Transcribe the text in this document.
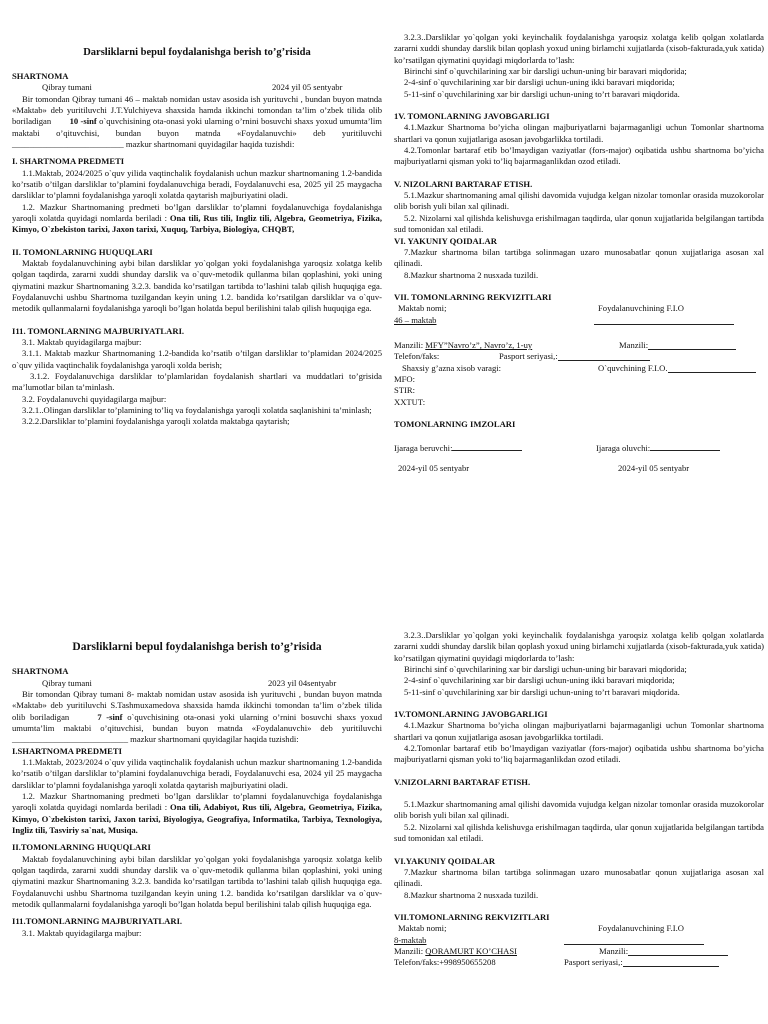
Darsliklarni bepul foydalanishga berish to’g’risida

SHARTNOMA

Qibray tumani	2024 yil 05 sentyabr

Bir tomondan Qibray tumani 46 – maktab nomidan ustav asosida ish yurituvchi , bundan buyon matnda «Maktab» deb yuritiluvchi J.T.Yulchiyeva shaxsida hamda ikkinchi tomondan ta’lim o’zbek tilida olib boriladigan 10 -sinf o`quvchisining ota-onasi yoki ularning o’rnini bosuvchi shaxs yoxud umumta’lim maktabi o’qituvchisi, bundan buyon matnda «Foydalanuvchi» deb yuritiluvchi __________________________ mazkur shartnomani quyidagilar haqida tuzishdi:

I. SHARTNOMA PREDMETI

1.1.Maktab, 2024/2025 o`quv yilida vaqtinchalik foydalanish uchun mazkur shartnomaning 1.2-bandida ko’rsatib o’tilgan darsliklar to’plamini foydalanuvchiga beradi, Foydalanuvchi esa, 2025 yil 25 maygacha darsliklar to’plamni foydalanishga yaroqli xolatda qaytarish majburiyatini oladi.

1.2. Mazkur Shartnomaning predmeti bo’lgan darsliklar to’plamni foydalanuvchiga foydalanishga yaroqli xolatda quyidagi nomlarda beriladi : Ona tili, Rus tili, Ingliz tili, Algebra, Geometriya, Fizika, Kimyo, O`zbekiston tarixi, Jaxon tarixi, Xuquq, Tarbiya, Biologiya, CHQBT,

II. TOMONLARNING HUQUQLARI

Maktab foydalanuvchining aybi bilan darsliklar yo`qolgan yoki foydalanishga yaroqsiz xolatga kelib qolgan taqdirda, zararni xuddi shunday darslik va o`quv-metodik qullanma bilan qoplashini, yoki uning qiymatini mazkur Shartnomaning 3.2.3. bandida ko’rsatilgan tartibda to’lashini talab qilish huquqiga ega. Foydalanuvchi ushbu Shartnoma tuzilgandan keyin uning 1.2. bandida ko’rsatilgan darsliklar va o`quv-metodik qullanmalarni foydalanishga yaroqli bo’lgan holatda bepul berilishini talab qilish huquqiga ega.

I11. TOMONLARNING MAJBURIYATLARI.

3.1. Maktab quyidagilarga majbur:

3.1.1. Maktab mazkur Shartnomaning 1.2-bandida ko’rsatib o’tilgan darsliklar to’plamidan 2024/2025 o`quv yilida vaqtinchalik foydalanishga yaroqli xolda berish;

3.1.2. Foydalanuvchiga darsliklar to’plamlaridan foydalanish shartlari va muddatlari to’grisida ma’lumotlar bilan ta’minlash.

3.2. Foydalanuvchi quyidagilarga majbur:

3.2.1..Olingan darsliklar to’plamining to’liq va foydalanishga yaroqli xolatda saqlanishini ta’minlash;

3.2.2.Darsliklar to’plamini foydalanishga yaroqli xolatda maktabga qaytarish;

3.2.3..Darsliklar yo`qolgan yoki keyinchalik foydalanishga yaroqsiz xolatga kelib qolgan xolatlarda zararni xuddi shunday darslik bilan qoplash yoxud uning birlamchi xujjatlarda (xisob-fakturada,yuk xatida) ko’rsatilgan qiymatini quyidagi miqdorlarda to’lash:

Birinchi sinf o`quvchilarining xar bir darsligi uchun-uning bir baravari miqdorida;

2-4-sinf o`quvchilarining xar bir darsligi uchun-uning ikki baravari miqdorida;

5-11-sinf o`quvchilarining xar bir darsligi uchun-uning to’rt baravari miqdorida.

1V. TOMONLARNING JAVOBGARLIGI

4.1.Mazkur Shartnoma bo’yicha olingan majburiyatlarni bajarmaganligi uchun Tomonlar shartnoma shartlari va qonun xujjatlariga asosan javobgarlikka tortiladi.

4.2.Tomonlar bartaraf etib bo’lmaydigan vaziyatlar (fors-major) oqibatida ushbu shartnoma bo’yicha majburiyatlarni qisman yoki to’liq bajarmaganlikdan ozod etiladi.

V. NIZOLARNI BARTARAF ETISH.

5.1.Mazkur shartnomaning amal qilishi davomida vujudga kelgan nizolar tomonlar orasida muzokorolar olib borish yuli bilan xal qilinadi.

5.2. Nizolarni xal qilishda kelishuvga erishilmagan taqdirda, ular qonun xujjatlarida belgilangan tartibda sud tomonidan xal etiladi.

VI. YAKUNIY QOIDALAR

7.Mazkur shartnoma bilan tartibga solinmagan uzaro munosabatlar qonun xujjatlariga asosan xal qilinadi.

8.Mazkur shartnoma 2 nusxada tuzildi.

VII. TOMONLARNING REKVIZITLARI

Maktab nomi;	Foydalanuvchining F.I.O
46 – maktab
Manzili: MFY”Navro’z”, Navro’z, 1-uy	Manzili:
Telefon/faks:	Pasport seriyasi,:
Shaxsiy g’azna xisob varagi:	O`quvchining F.I.O.

MFO:

STIR:

XXTUT:

TOMONLARNING IMZOLARI

Ijaraga beruvchi:	Ijaraga oluvchi:
2024-yil 05 sentyabr	2024-yil 05 sentyabr
Darsliklarni bepul foydalanishga berish to’g’risida

SHARTNOMA

Qibray tumani	2023 yil 04sentyabr

Bir tomondan Qibray tumani 8- maktab nomidan ustav asosida ish yurituvchi , bundan buyon matnda «Maktab» deb yuritiluvchi S.Tashmuxamedova shaxsida hamda ikkinchi tomondan ta’lim o’zbek tilida olib boriladigan	7 -sinf o`quvchisining ota-onasi yoki ularning o’rnini bosuvchi shaxs yoxud umumta’lim maktabi o’qituvchisi, bundan buyon matnda «Foydalanuvchi» deb yuritiluvchi ___________________________ mazkur shartnomani quyidagilar haqida tuzishdi:

I.SHARTNOMA PREDMETI

1.1.Maktab, 2023/2024 o`quv yilida vaqtinchalik foydalanish uchun mazkur shartnomaning 1.2-bandida ko’rsatib o’tilgan darsliklar to’plamini foydalanuvchiga beradi, Foydalanuvchi esa, 2024 yil 25 maygacha darsliklar to’plamni foydalanishga yaroqli xolatda qaytarish majburiyatini oladi.

1.2. Mazkur Shartnomaning predmeti bo’lgan darsliklar to’plamni foydalanuvchiga foydalanishga yaroqli xolatda quyidagi nomlarda beriladi : Ona tili, Adabiyot, Rus tili, Algebra, Geometriya, Fizika, Kimyo, O`zbekiston tarixi, Jaxon tarixi, Biyologiya, Geografiya, Informatika, Tarbiya, Texnologiya, Ingliz tili, Tasviriy sa`nat, Musiqa.

II.TOMONLARNING HUQUQLARI

Maktab foydalanuvchining aybi bilan darsliklar yo`qolgan yoki foydalanishga yaroqsiz xolatga kelib qolgan taqdirda, zararni xuddi shunday darslik va o`quv-metodik qullanma bilan qoplashini, yoki uning qiymatini mazkur Shartnomaning 3.2.3. bandida ko’rsatilgan tartibda to’lashini talab qilish huquqiga ega. Foydalanuvchi ushbu Shartnoma tuzilgandan keyin uning 1.2. bandida ko’rsatilgan darsliklar va o`quv-metodik qullanmalarni foydalanishga yaroqli bo’lgan holatda bepul berilishini talab qilish huquqiga ega.

I11.TOMONLARNING MAJBURIYATLARI.

3.1. Maktab quyidagilarga majbur:

3.2.3..Darsliklar yo`qolgan yoki keyinchalik foydalanishga yaroqsiz xolatga kelib qolgan xolatlarda zararni xuddi shunday darslik bilan qoplash yoxud uning birlamchi xujjatlarda (xisob-fakturada,yuk xatida) ko’rsatilgan qiymatini quyidagi miqdorlarda to’lash:

Birinchi sinf o`quvchilarining xar bir darsligi uchun-uning bir baravari miqdorida;

2-4-sinf o`quvchilarining xar bir darsligi uchun-uning ikki baravari miqdorida;

5-11-sinf o`quvchilarining xar bir darsligi uchun-uning to’rt baravari miqdorida.

1V.TOMONLARNING JAVOBGARLIGI

4.1.Mazkur Shartnoma bo’yicha olingan majburiyatlarni bajarmaganligi uchun Tomonlar shartnoma shartlari va qonun xujjatlariga asosan javobgarlikka tortiladi.

4.2.Tomonlar bartaraf etib bo’lmaydigan vaziyatlar (fors-major) oqibatida ushbu shartnoma bo’yicha majburiyatlarni qisman yoki to’liq bajarmaganlikdan ozod etiladi.

V.NIZOLARNI BARTARAF ETISH.

5.1.Mazkur shartnomaning amal qilishi davomida vujudga kelgan nizolar tomonlar orasida muzokorolar olib borish yuli bilan xal qilinadi.

5.2. Nizolarni xal qilishda kelishuvga erishilmagan taqdirda, ular qonun xujjatlarida belgilangan tartibda sud tomonidan xal etiladi.

VI.YAKUNIY QOIDALAR

7.Mazkur shartnoma bilan tartibga solinmagan uzaro munosabatlar qonun xujjatlariga asosan xal qilinadi.

8.Mazkur shartnoma 2 nusxada tuzildi.

VII.TOMONLARNING REKVIZITLARI

Maktab nomi;	Foydalanuvchining F.I.O
8-maktab
Manzili: QORAMURT KO’CHASI	Manzili:
Telefon/faks:+998950655208	Pasport seriyasi,:
